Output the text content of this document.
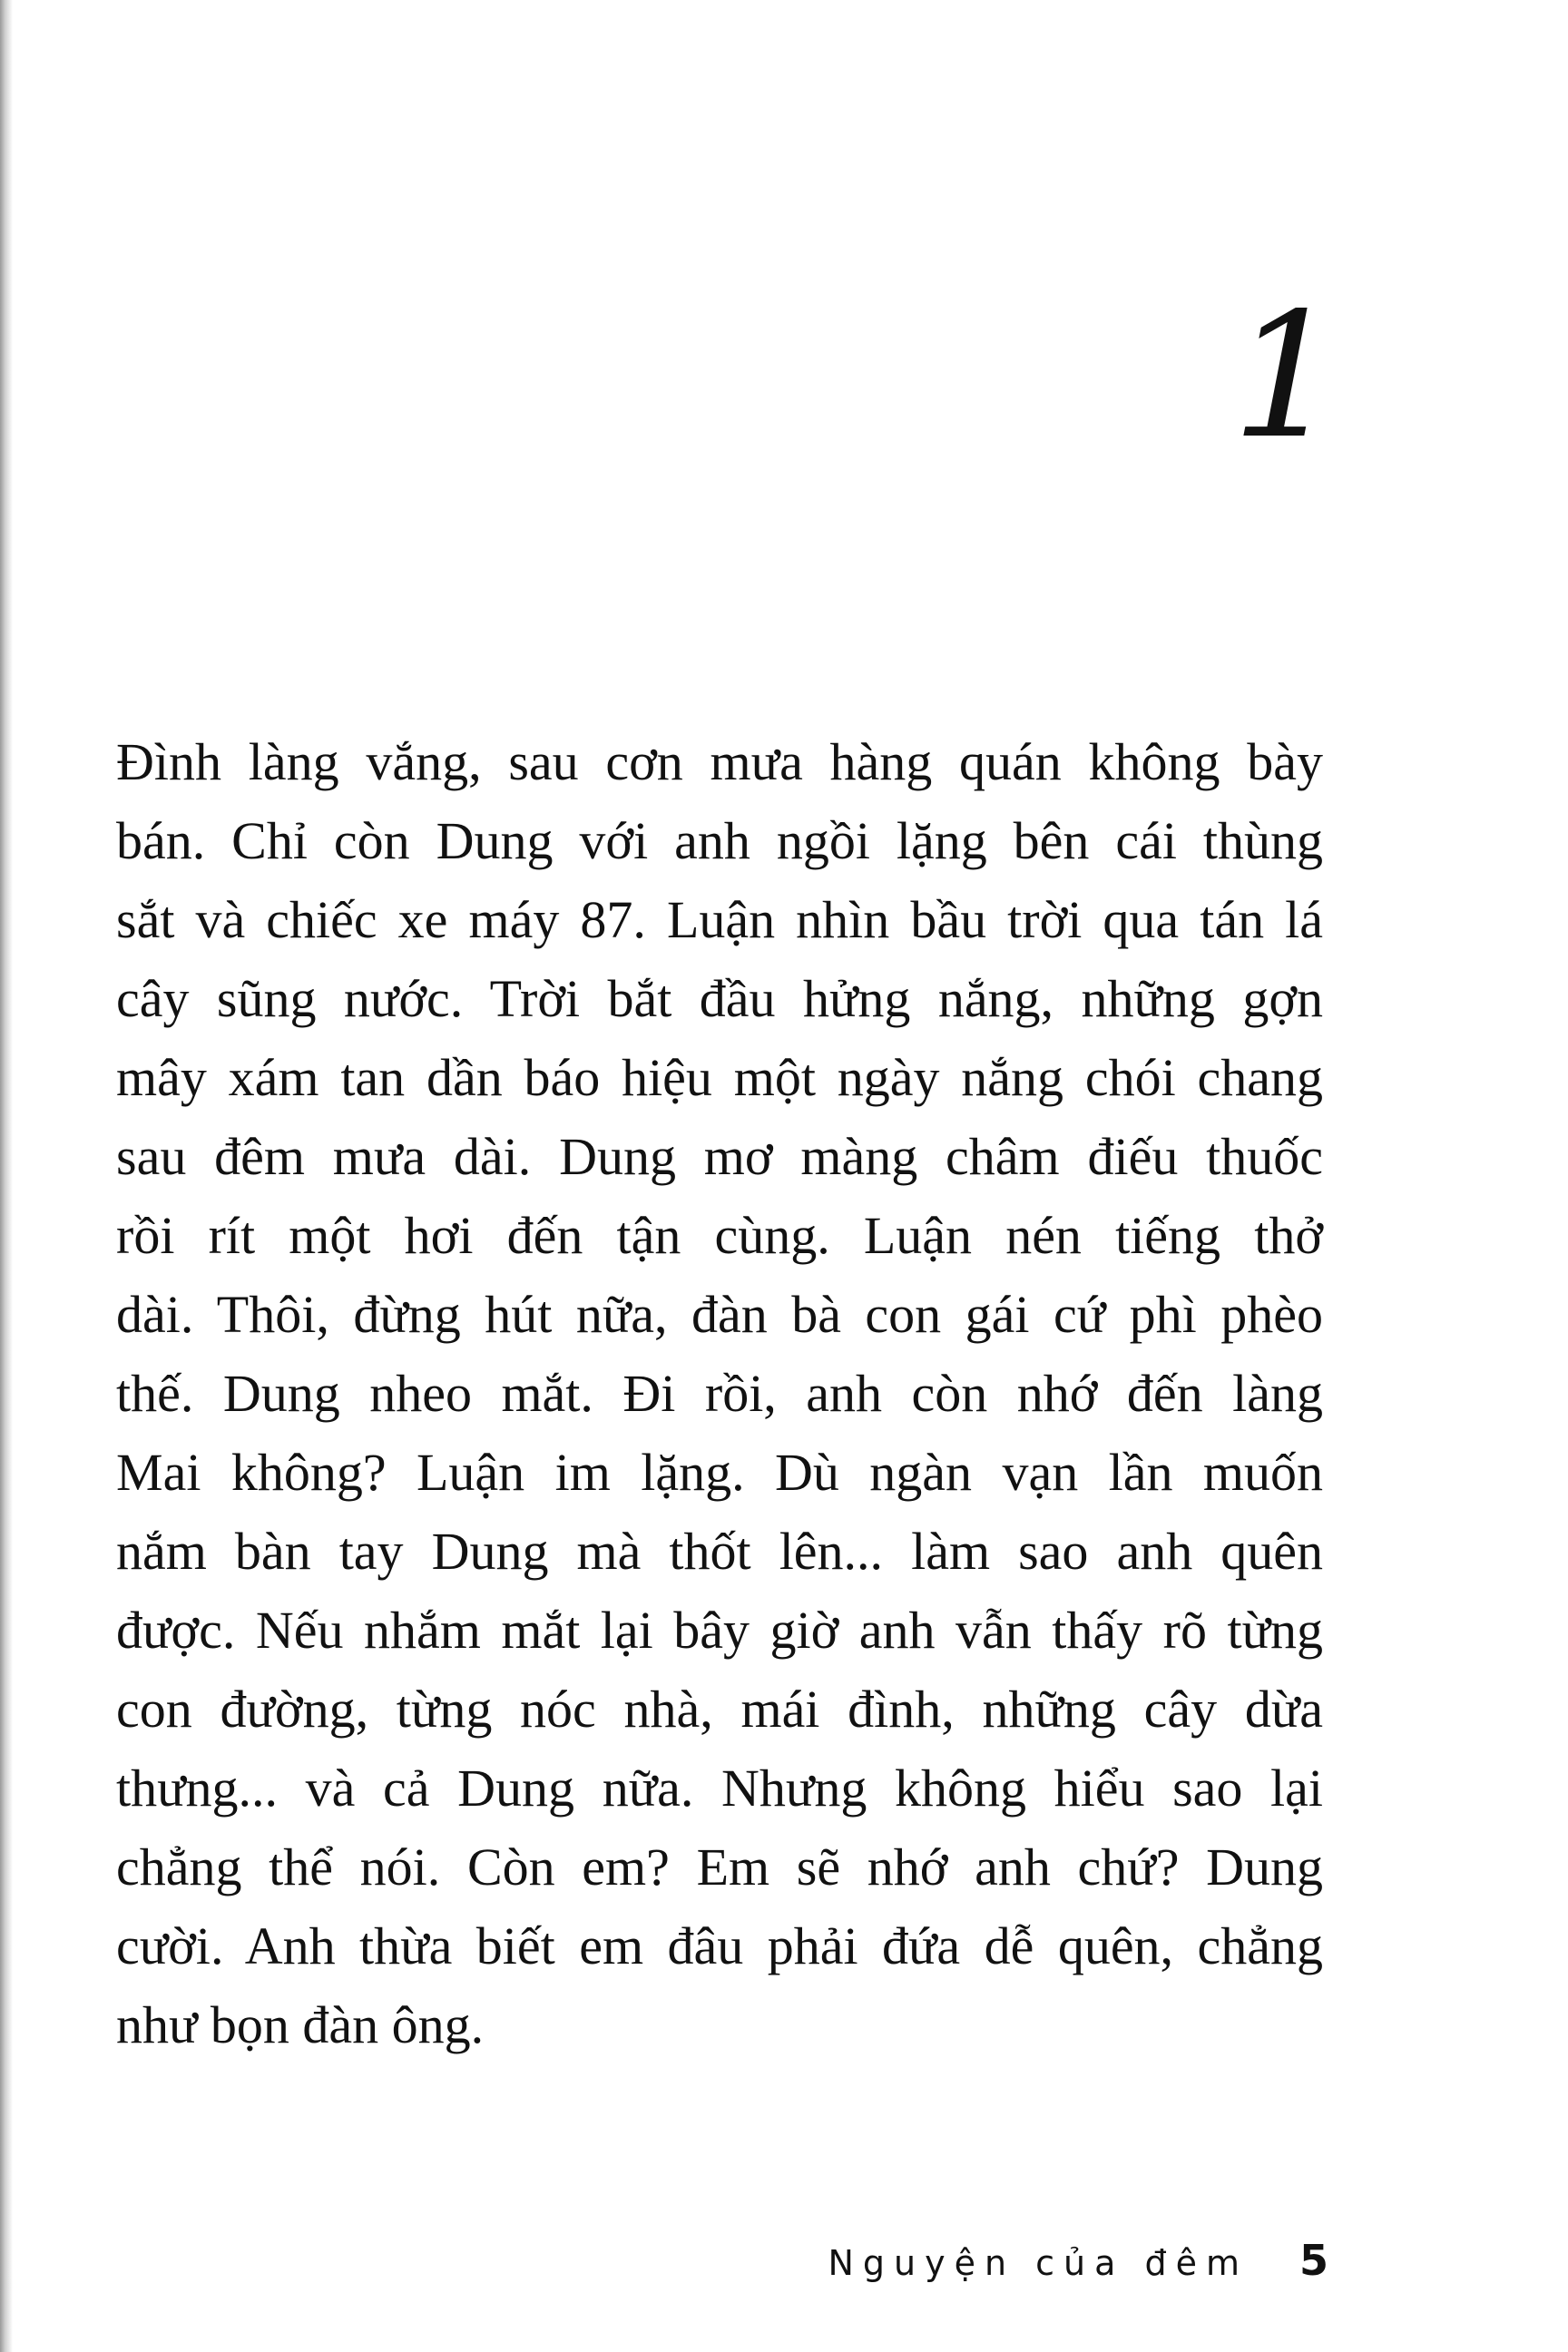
1
Đình làng vắng, sau cơn mưa hàng quán không bày
bán. Chỉ còn Dung với anh ngồi lặng bên cái thùng
sắt và chiếc xe máy 87. Luận nhìn bầu trời qua tán lá
cây sũng nước. Trời bắt đầu hửng nắng, những gợn
mây xám tan dần báo hiệu một ngày nắng chói chang
sau đêm mưa dài. Dung mơ màng châm điếu thuốc
rồi rít một hơi đến tận cùng. Luận nén tiếng thở
dài. Thôi, đừng hút nữa, đàn bà con gái cứ phì phèo
thế. Dung nheo mắt. Đi rồi, anh còn nhớ đến làng
Mai không? Luận im lặng. Dù ngàn vạn lần muốn
nắm bàn tay Dung mà thốt lên... làm sao anh quên
được. Nếu nhắm mắt lại bây giờ anh vẫn thấy rõ từng
con đường, từng nóc nhà, mái đình, những cây dừa
thưng... và cả Dung nữa. Nhưng không hiểu sao lại
chẳng thể nói. Còn em? Em sẽ nhớ anh chứ? Dung
cười. Anh thừa biết em đâu phải đứa dễ quên, chẳng
như bọn đàn ông.
Nguyện của đêm 5
